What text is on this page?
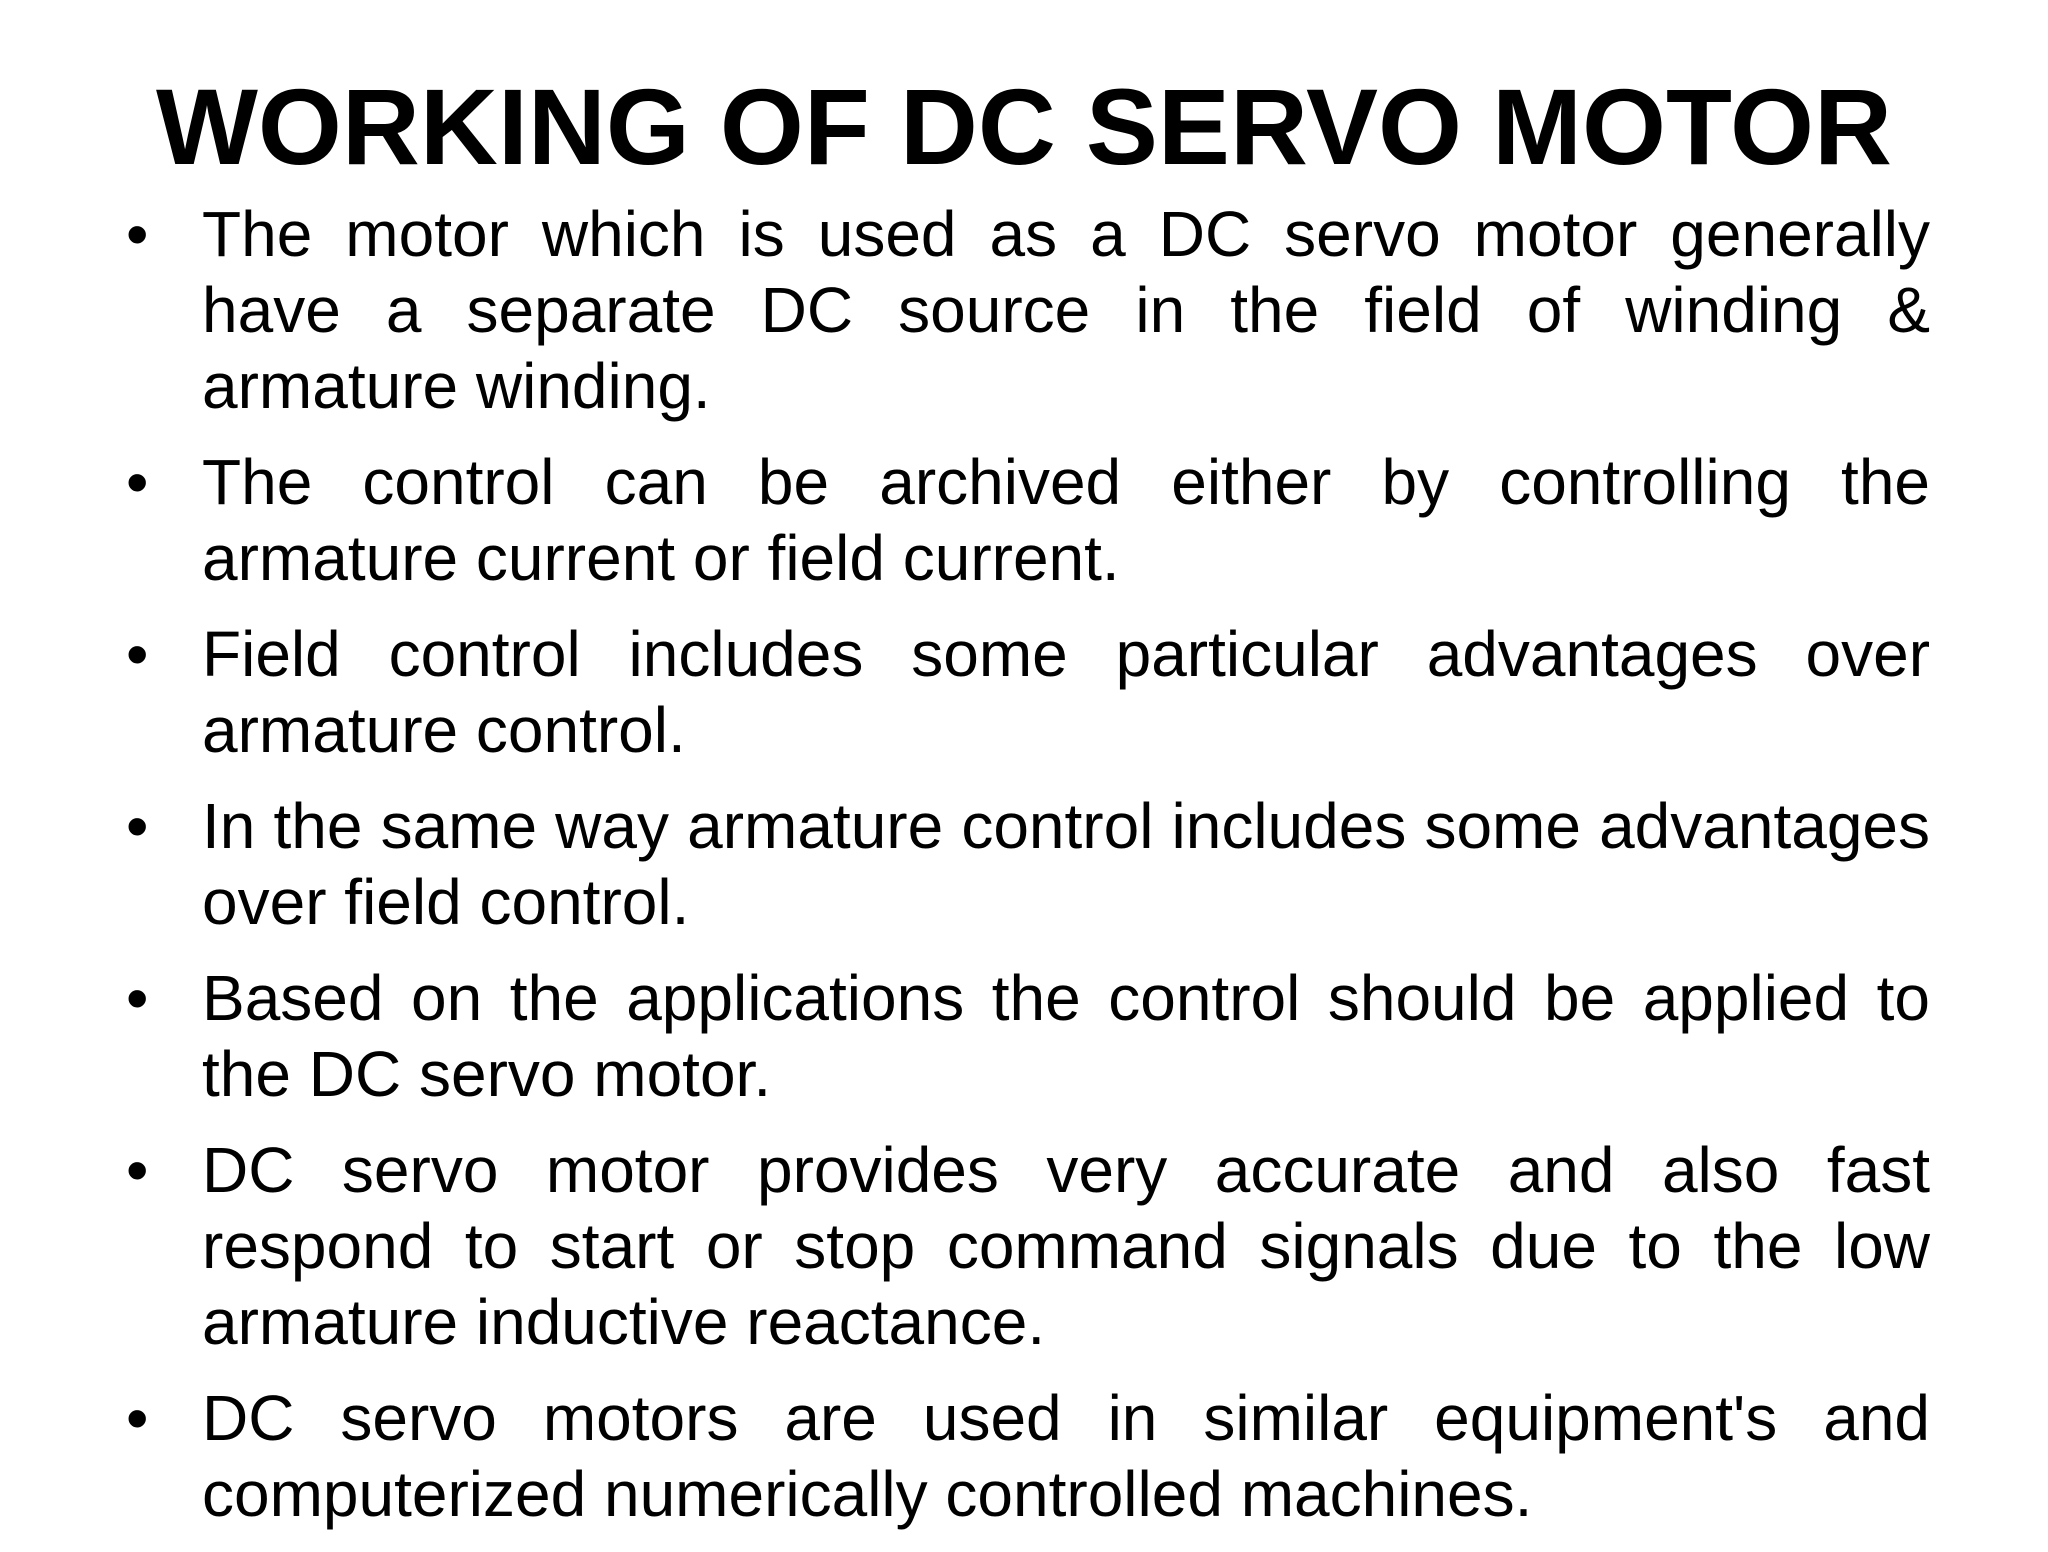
WORKING OF DC SERVO MOTOR
• The motor which is used as a DC servo motor generally have a separate DC source in the field of winding & armature winding.
• The control can be archived either by controlling the armature current or field current.
• Field control includes some particular advantages over armature control.
• In the same way armature control includes some advantages over field control.
• Based on the applications the control should be applied to the DC servo motor.
• DC servo motor provides very accurate and also fast respond to start or stop command signals due to the low armature inductive reactance.
• DC servo motors are used in similar equipment's and computerized numerically controlled machines.
